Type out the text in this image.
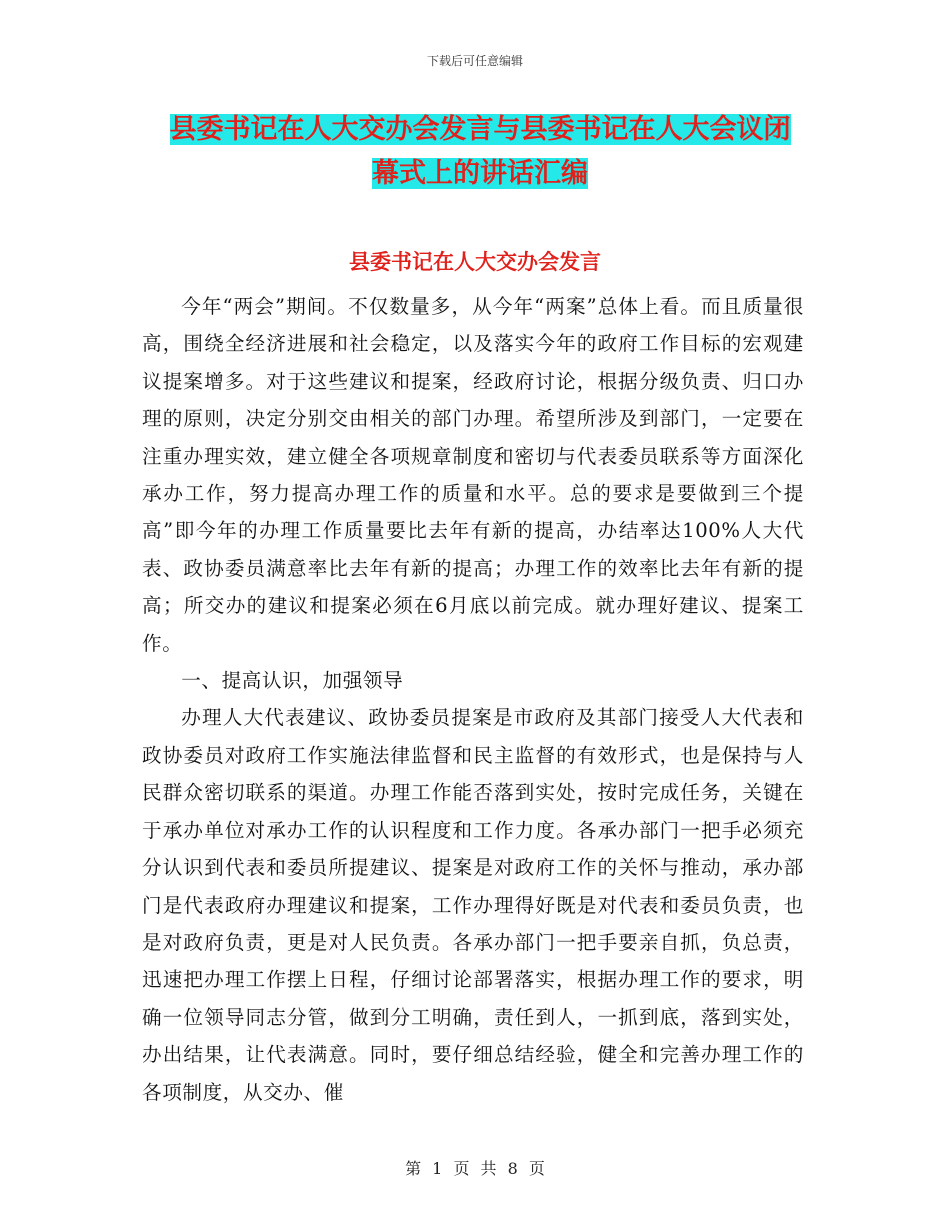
下载后可任意编辑
县委书记在人大交办会发言与县委书记在人大会议闭
幕式上的讲话汇编
县委书记在人大交办会发言

今年“两会”期间。不仅数量多，从今年“两案”总体上看。而且质量很高，围绕全经济进展和社会稳定，以及落实今年的政府工作目标的宏观建议提案增多。对于这些建议和提案，经政府讨论，根据分级负责、归口办理的原则，决定分别交由相关的部门办理。希望所涉及到部门，一定要在注重办理实效，建立健全各项规章制度和密切与代表委员联系等方面深化承办工作，努力提高办理工作的质量和水平。总的要求是要做到三个提高”即今年的办理工作质量要比去年有新的提高，办结率达100%人大代表、政协委员满意率比去年有新的提高；办理工作的效率比去年有新的提高；所交办的建议和提案必须在6月底以前完成。就办理好建议、提案工作。

一、提高认识，加强领导

办理人大代表建议、政协委员提案是市政府及其部门接受人大代表和政协委员对政府工作实施法律监督和民主监督的有效形式，也是保持与人民群众密切联系的渠道。办理工作能否落到实处，按时完成任务，关键在于承办单位对承办工作的认识程度和工作力度。各承办部门一把手必须充分认识到代表和委员所提建议、提案是对政府工作的关怀与推动，承办部门是代表政府办理建议和提案，工作办理得好既是对代表和委员负责，也是对政府负责，更是对人民负责。各承办部门一把手要亲自抓，负总责，迅速把办理工作摆上日程，仔细讨论部署落实，根据办理工作的要求，明确一位领导同志分管，做到分工明确，责任到人，一抓到底，落到实处，办出结果，让代表满意。同时，要仔细总结经验，健全和完善办理工作的各项制度，从交办、催

第 1 页 共 8 页
